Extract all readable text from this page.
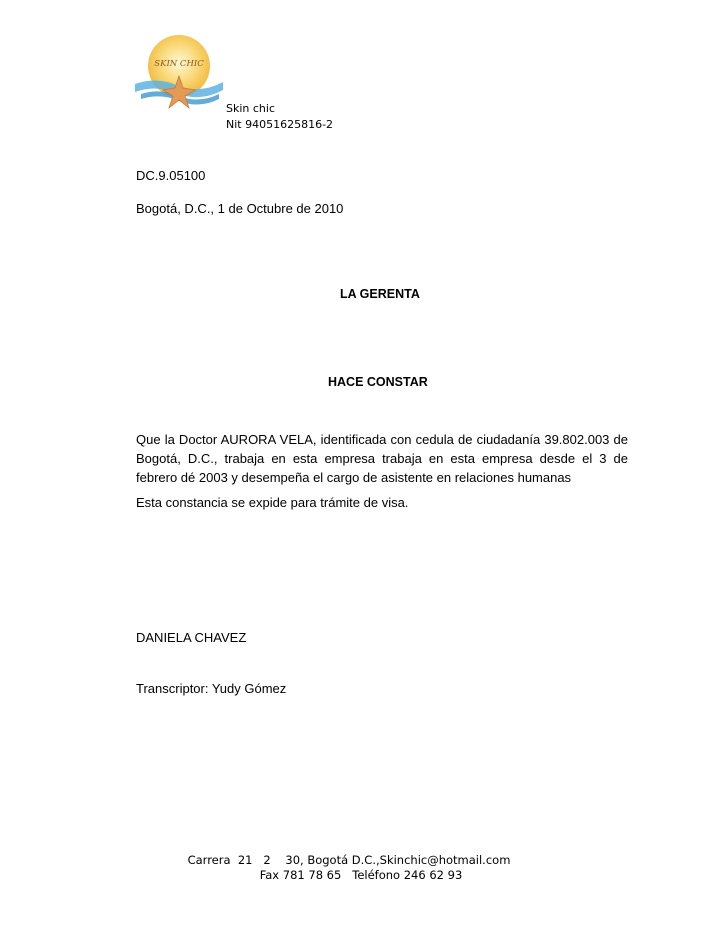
SKIN CHIC
Skin chic
Nit 94051625816-2
DC.9.05100
Bogotá, D.C., 1 de Octubre de 2010
LA GERENTA
HACE CONSTAR
Que la Doctor AURORA VELA, identificada con cedula de ciudadanía 39.802.003 de Bogotá, D.C., trabaja en esta empresa trabaja en esta empresa desde el 3 de febrero dé 2003 y desempeña el cargo de asistente en relaciones humanas
Esta constancia se expide para trámite de visa.
DANIELA CHAVEZ
Transcriptor: Yudy Gómez
Carrera  21   2    30, Bogotá D.C.,Skinchic@hotmail.com
Fax 781 78 65   Teléfono 246 62 93
